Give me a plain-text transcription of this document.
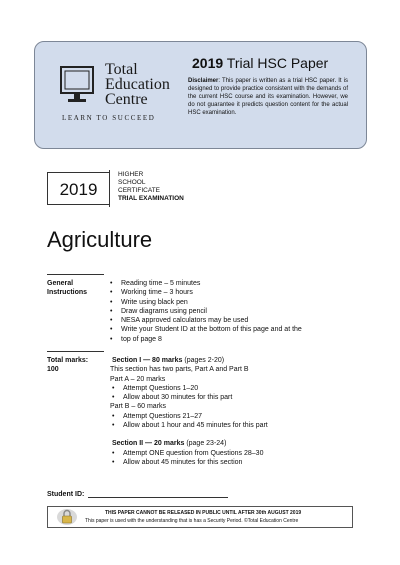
Total
Education
Centre
LEARN TO SUCCEED
2019 Trial HSC Paper
Disclaimer: This paper is written as a trial HSC paper. It is designed to provide practice consistent with the demands of the current HSC course and its examination. However, we do not guarantee it predicts question content for the actual HSC examination.
2019
HIGHER
SCHOOL
CERTIFICATE
TRIAL EXAMINATION
Agriculture
General
Instructions
• Reading time – 5 minutes
• Working time – 3 hours
• Write using black pen
• Draw diagrams using pencil
• NESA approved calculators may be used
• Write your Student ID at the bottom of this page and at the
• top of page 8
Total marks:
100
Section I — 80 marks (pages 2-20)
This section has two parts, Part A and Part B
Part A – 20 marks
• Attempt Questions 1–20
• Allow about 30 minutes for this part
Part B – 60 marks
• Attempt Questions 21–27
• Allow about 1 hour and 45 minutes for this part
Section II — 20 marks (page 23-24)
• Attempt ONE question from Questions 28–30
• Allow about 45 minutes for this section
Student ID:
THIS PAPER CANNOT BE RELEASED IN PUBLIC UNTIL AFTER 30th AUGUST 2019
This paper is used with the understanding that is has a Security Period. ©Total Education Centre
